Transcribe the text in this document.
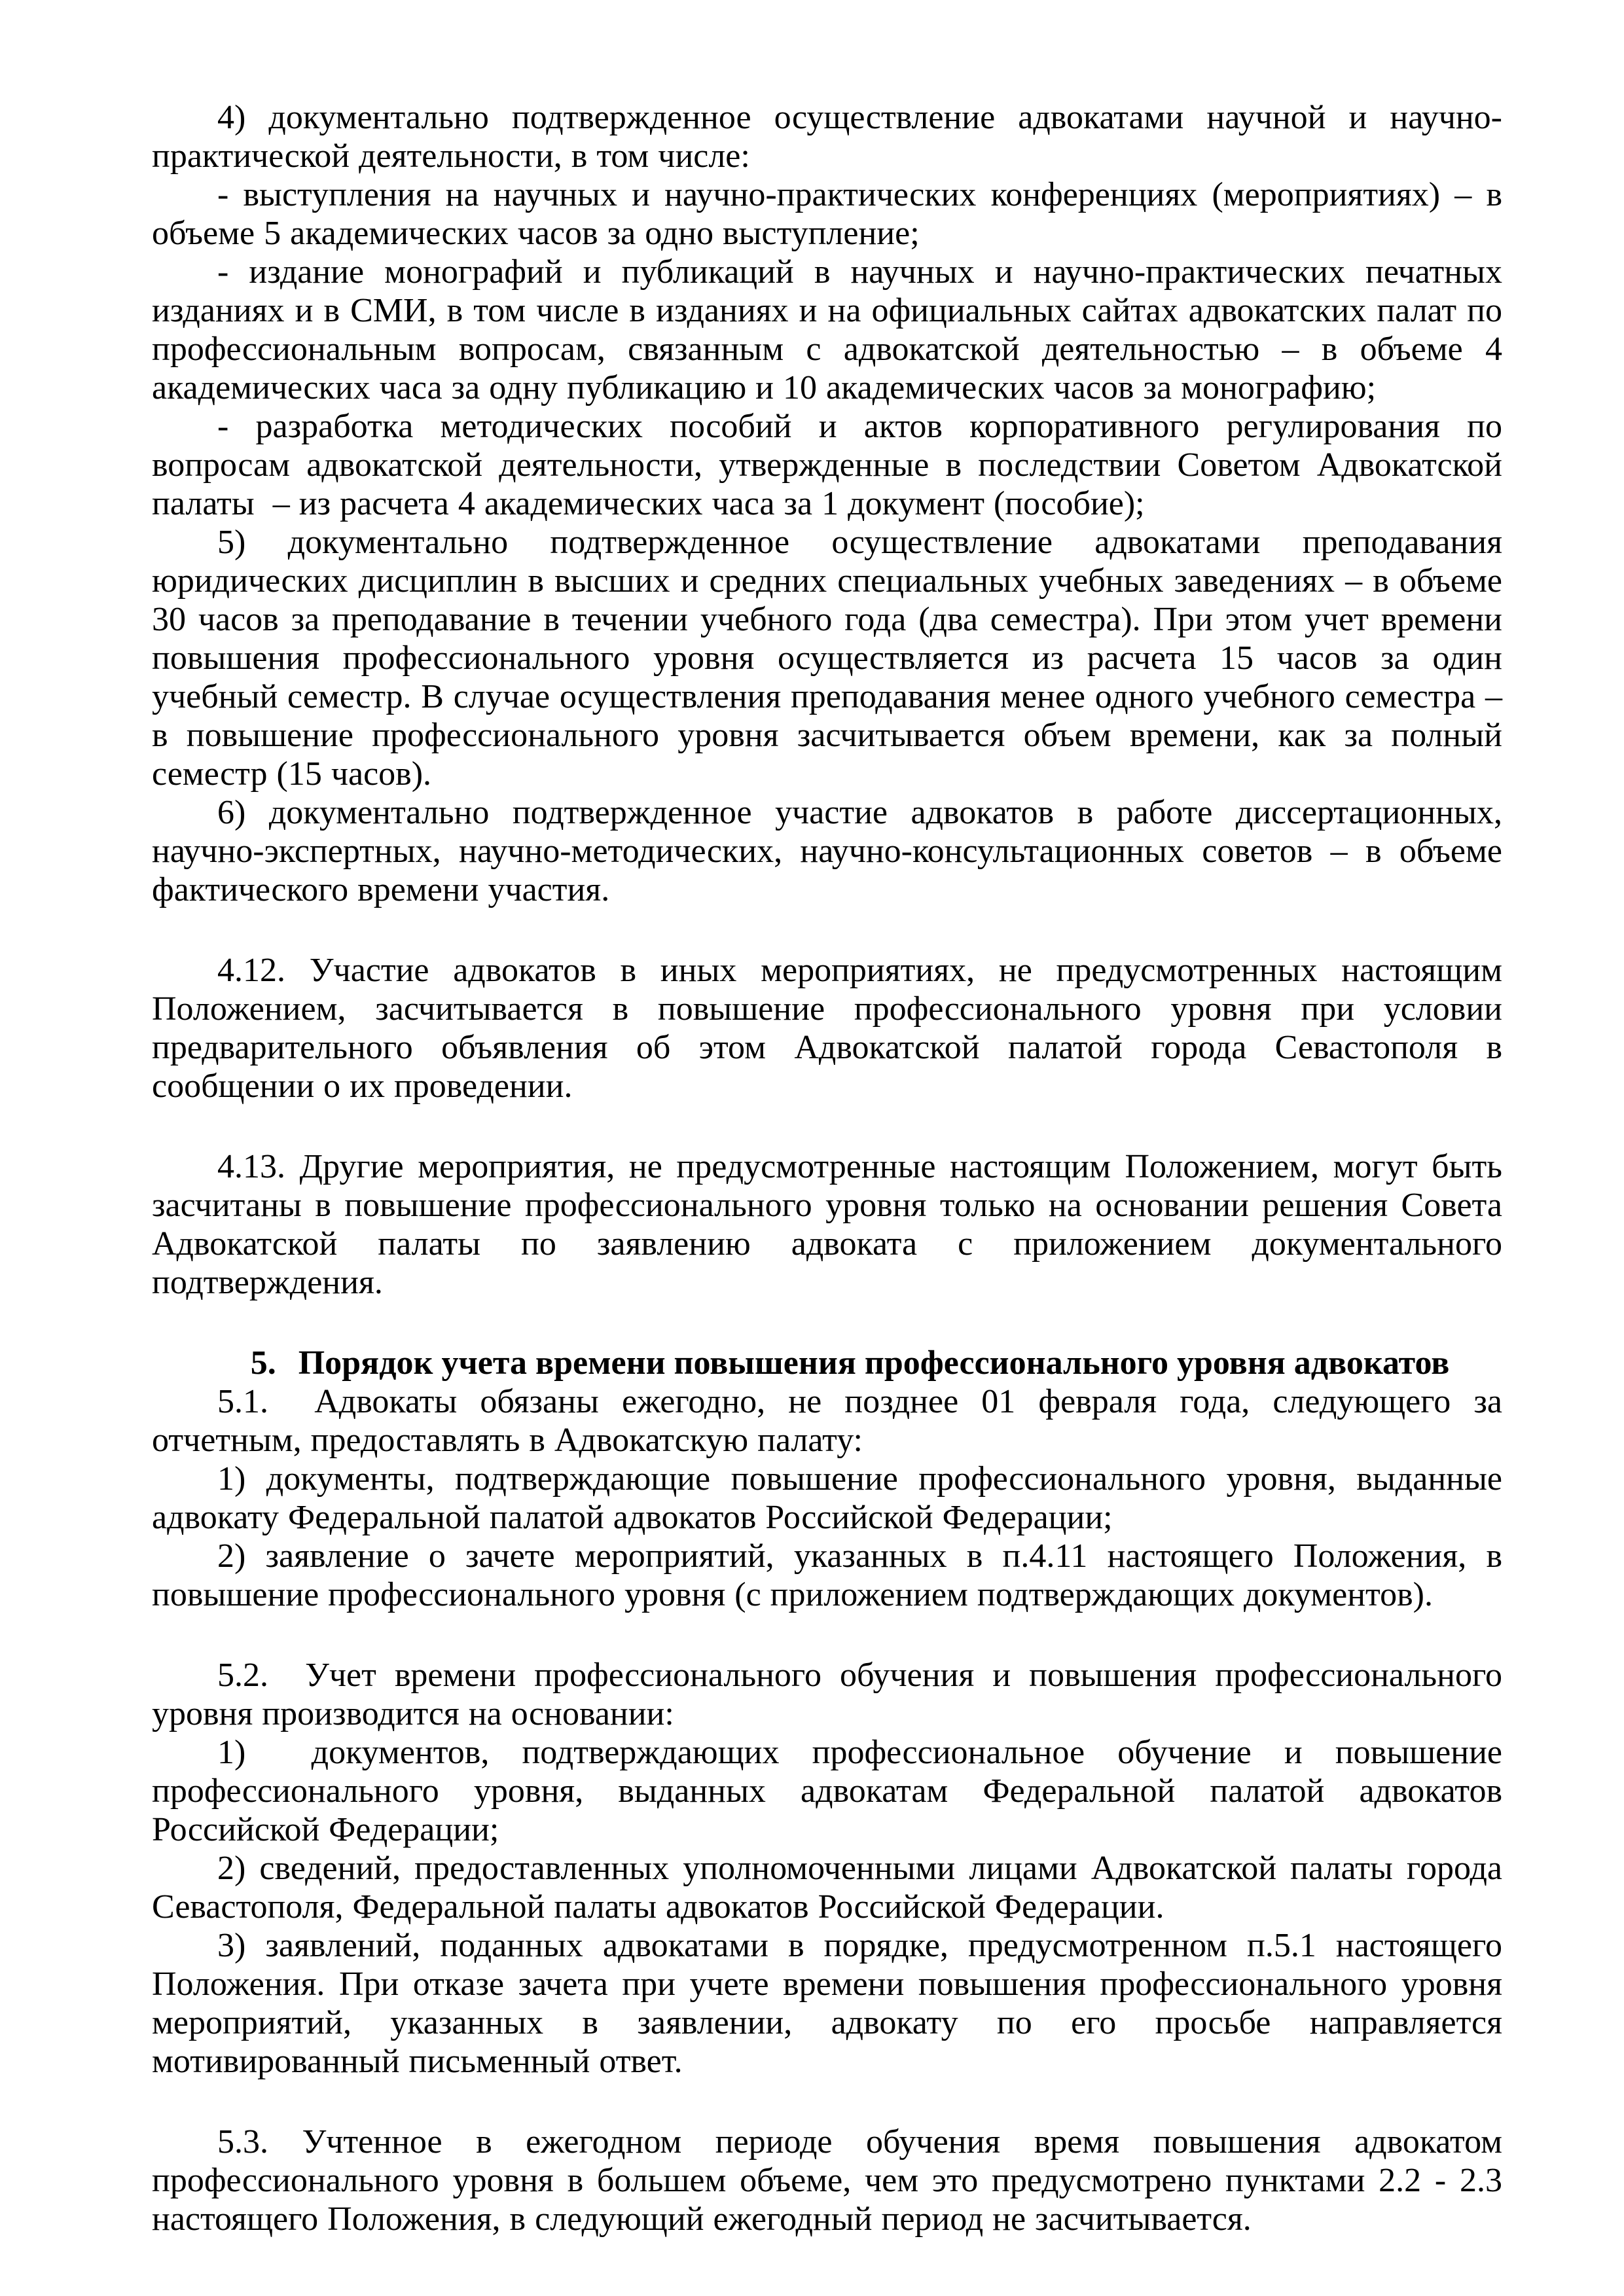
4) документально подтвержденное осуществление адвокатами научной и научно-практической деятельности, в том числе:

- выступления на научных и научно-практических конференциях (мероприятиях) – в объеме 5 академических часов за одно выступление;

- издание монографий и публикаций в научных и научно-практических печатных изданиях и в СМИ, в том числе в изданиях и на официальных сайтах адвокатских палат по профессиональным вопросам, связанным с адвокатской деятельностью – в объеме 4 академических часа за одну публикацию и 10 академических часов за монографию;

- разработка методических пособий и актов корпоративного регулирования по вопросам адвокатской деятельности, утвержденные в последствии Советом Адвокатской палаты  – из расчета 4 академических часа за 1 документ (пособие);

5) документально подтвержденное осуществление адвокатами преподавания юридических дисциплин в высших и средних специальных учебных заведениях – в объеме 30 часов за преподавание в течении учебного года (два семестра). При этом учет времени повышения профессионального уровня осуществляется из расчета 15 часов за один учебный семестр. В случае осуществления преподавания менее одного учебного семестра – в повышение профессионального уровня засчитывается объем времени, как за полный семестр (15 часов).

6) документально подтвержденное участие адвокатов в работе диссертационных, научно-экспертных, научно-методических, научно-консультационных советов – в объеме фактического времени участия.

4.12. Участие адвокатов в иных мероприятиях, не предусмотренных настоящим Положением, засчитывается в повышение профессионального уровня при условии предварительного объявления об этом Адвокатской палатой города Севастополя в сообщении о их проведении.

4.13. Другие мероприятия, не предусмотренные настоящим Положением, могут быть засчитаны в повышение профессионального уровня только на основании решения Совета Адвокатской палаты по заявлению адвоката с приложением документального подтверждения.

5. Порядок учета времени повышения профессионального уровня адвокатов

5.1.  Адвокаты обязаны ежегодно, не позднее 01 февраля года, следующего за отчетным, предоставлять в Адвокатскую палату:

1) документы, подтверждающие повышение профессионального уровня, выданные адвокату Федеральной палатой адвокатов Российской Федерации;

2) заявление о зачете мероприятий, указанных в п.4.11 настоящего Положения, в повышение профессионального уровня (с приложением подтверждающих документов).

5.2.  Учет времени профессионального обучения и повышения профессионального уровня производится на основании:

1)  документов, подтверждающих профессиональное обучение и повышение профессионального уровня, выданных адвокатам Федеральной палатой адвокатов Российской Федерации;

2) сведений, предоставленных уполномоченными лицами Адвокатской палаты города Севастополя, Федеральной палаты адвокатов Российской Федерации.

3) заявлений, поданных адвокатами в порядке, предусмотренном п.5.1 настоящего Положения. При отказе зачета при учете времени повышения профессионального уровня мероприятий, указанных в заявлении, адвокату по его просьбе направляется мотивированный письменный ответ.

5.3. Учтенное в ежегодном периоде обучения время повышения адвокатом профессионального уровня в большем объеме, чем это предусмотрено пунктами 2.2 - 2.3 настоящего Положения, в следующий ежегодный период не засчитывается.
